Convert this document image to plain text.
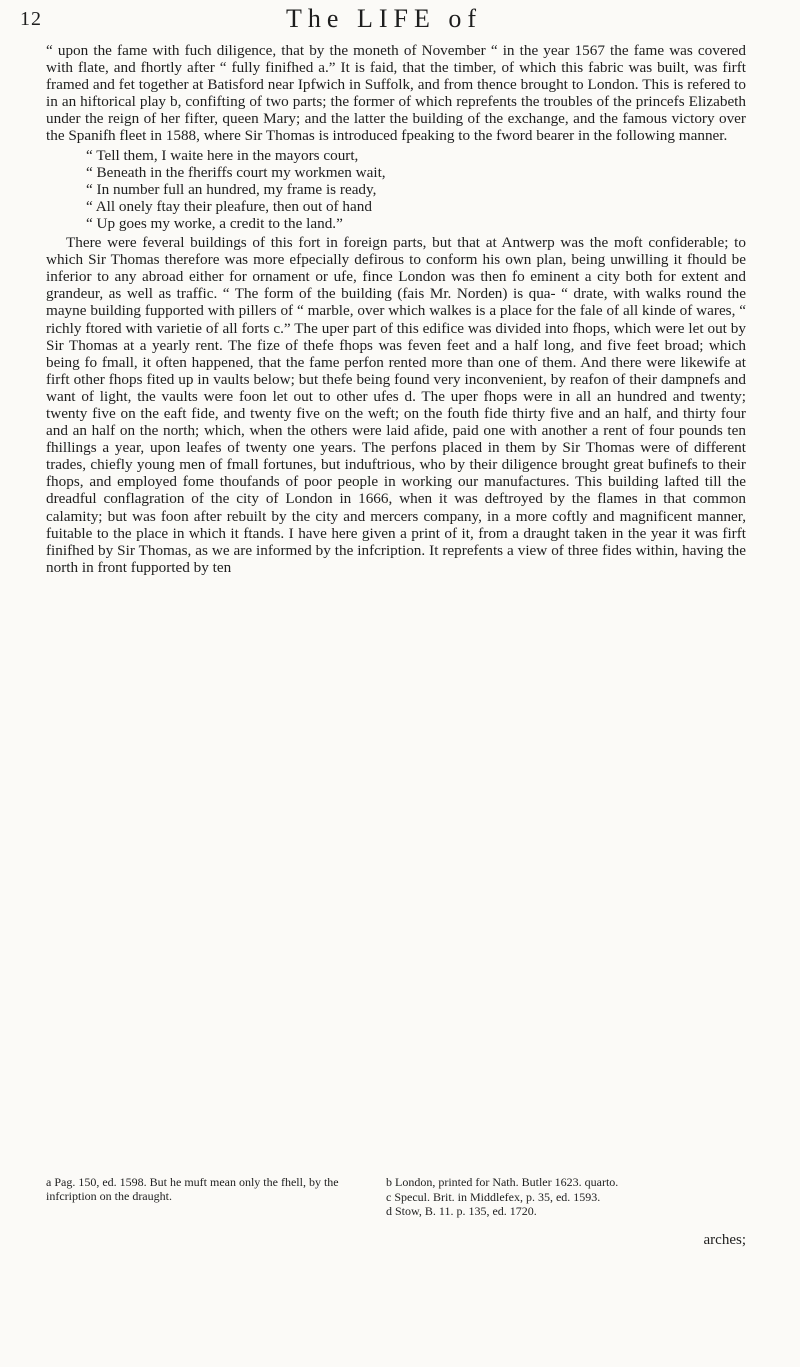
12	The LIFE of

“ upon the fame with fuch diligence, that by the moneth of November “ in the year 1567 the fame was covered with flate, and fhortly after “ fully finifhed a.” It is faid, that the timber, of which this fabric was built, was firft framed and fet together at Batisford near Ipfwich in Suffolk, and from thence brought to London. This is refered to in an hiftorical play b, confifting of two parts; the former of which reprefents the troubles of the princefs Elizabeth under the reign of her fifter, queen Mary; and the latter the building of the exchange, and the famous victory over the Spanifh fleet in 1588, where Sir Thomas is introduced fpeaking to the fword bearer in the following manner.

“ Tell them, I waite here in the mayors court,
“ Beneath in the fheriffs court my workmen wait,
“ In number full an hundred, my frame is ready,
“ All onely ftay their pleafure, then out of hand
“ Up goes my worke, a credit to the land.”

There were feveral buildings of this fort in foreign parts, but that at Antwerp was the moft confiderable; to which Sir Thomas therefore was more efpecially defirous to conform his own plan, being unwilling it fhould be inferior to any abroad either for ornament or ufe, fince London was then fo eminent a city both for extent and grandeur, as well as traffic. “ The form of the building (fais Mr. Norden) is qua- “ drate, with walks round the mayne building fupported with pillers of “ marble, over which walkes is a place for the fale of all kinde of wares, “ richly ftored with varietie of all forts c.” The uper part of this edifice was divided into fhops, which were let out by Sir Thomas at a yearly rent. The fize of thefe fhops was feven feet and a half long, and five feet broad; which being fo fmall, it often happened, that the fame perfon rented more than one of them. And there were likewife at firft other fhops fited up in vaults below; but thefe being found very inconvenient, by reafon of their dampnefs and want of light, the vaults were foon let out to other ufes d. The uper fhops were in all an hundred and twenty; twenty five on the eaft fide, and twenty five on the weft; on the fouth fide thirty five and an half, and thirty four and an half on the north; which, when the others were laid afide, paid one with another a rent of four pounds ten fhillings a year, upon leafes of twenty one years. The perfons placed in them by Sir Thomas were of different trades, chiefly young men of fmall fortunes, but induftrious, who by their diligence brought great bufinefs to their fhops, and employed fome thoufands of poor people in working our manufactures. This building lafted till the dreadful conflagration of the city of London in 1666, when it was deftroyed by the flames in that common calamity; but was foon after rebuilt by the city and mercers company, in a more coftly and magnificent manner, fuitable to the place in which it ftands. I have here given a print of it, from a draught taken in the year it was firft finifhed by Sir Thomas, as we are informed by the infcription. It reprefents a view of three fides within, having the north in front fupported by ten

a Pag. 150, ed. 1598. But he muft mean only the fhell, by the infcription on the draught.
b London, printed for Nath. Butler 1623. quarto.
c Specul. Brit. in Middlefex, p. 35, ed. 1593.
d Stow, B. 11. p. 135, ed. 1720.
arches;
